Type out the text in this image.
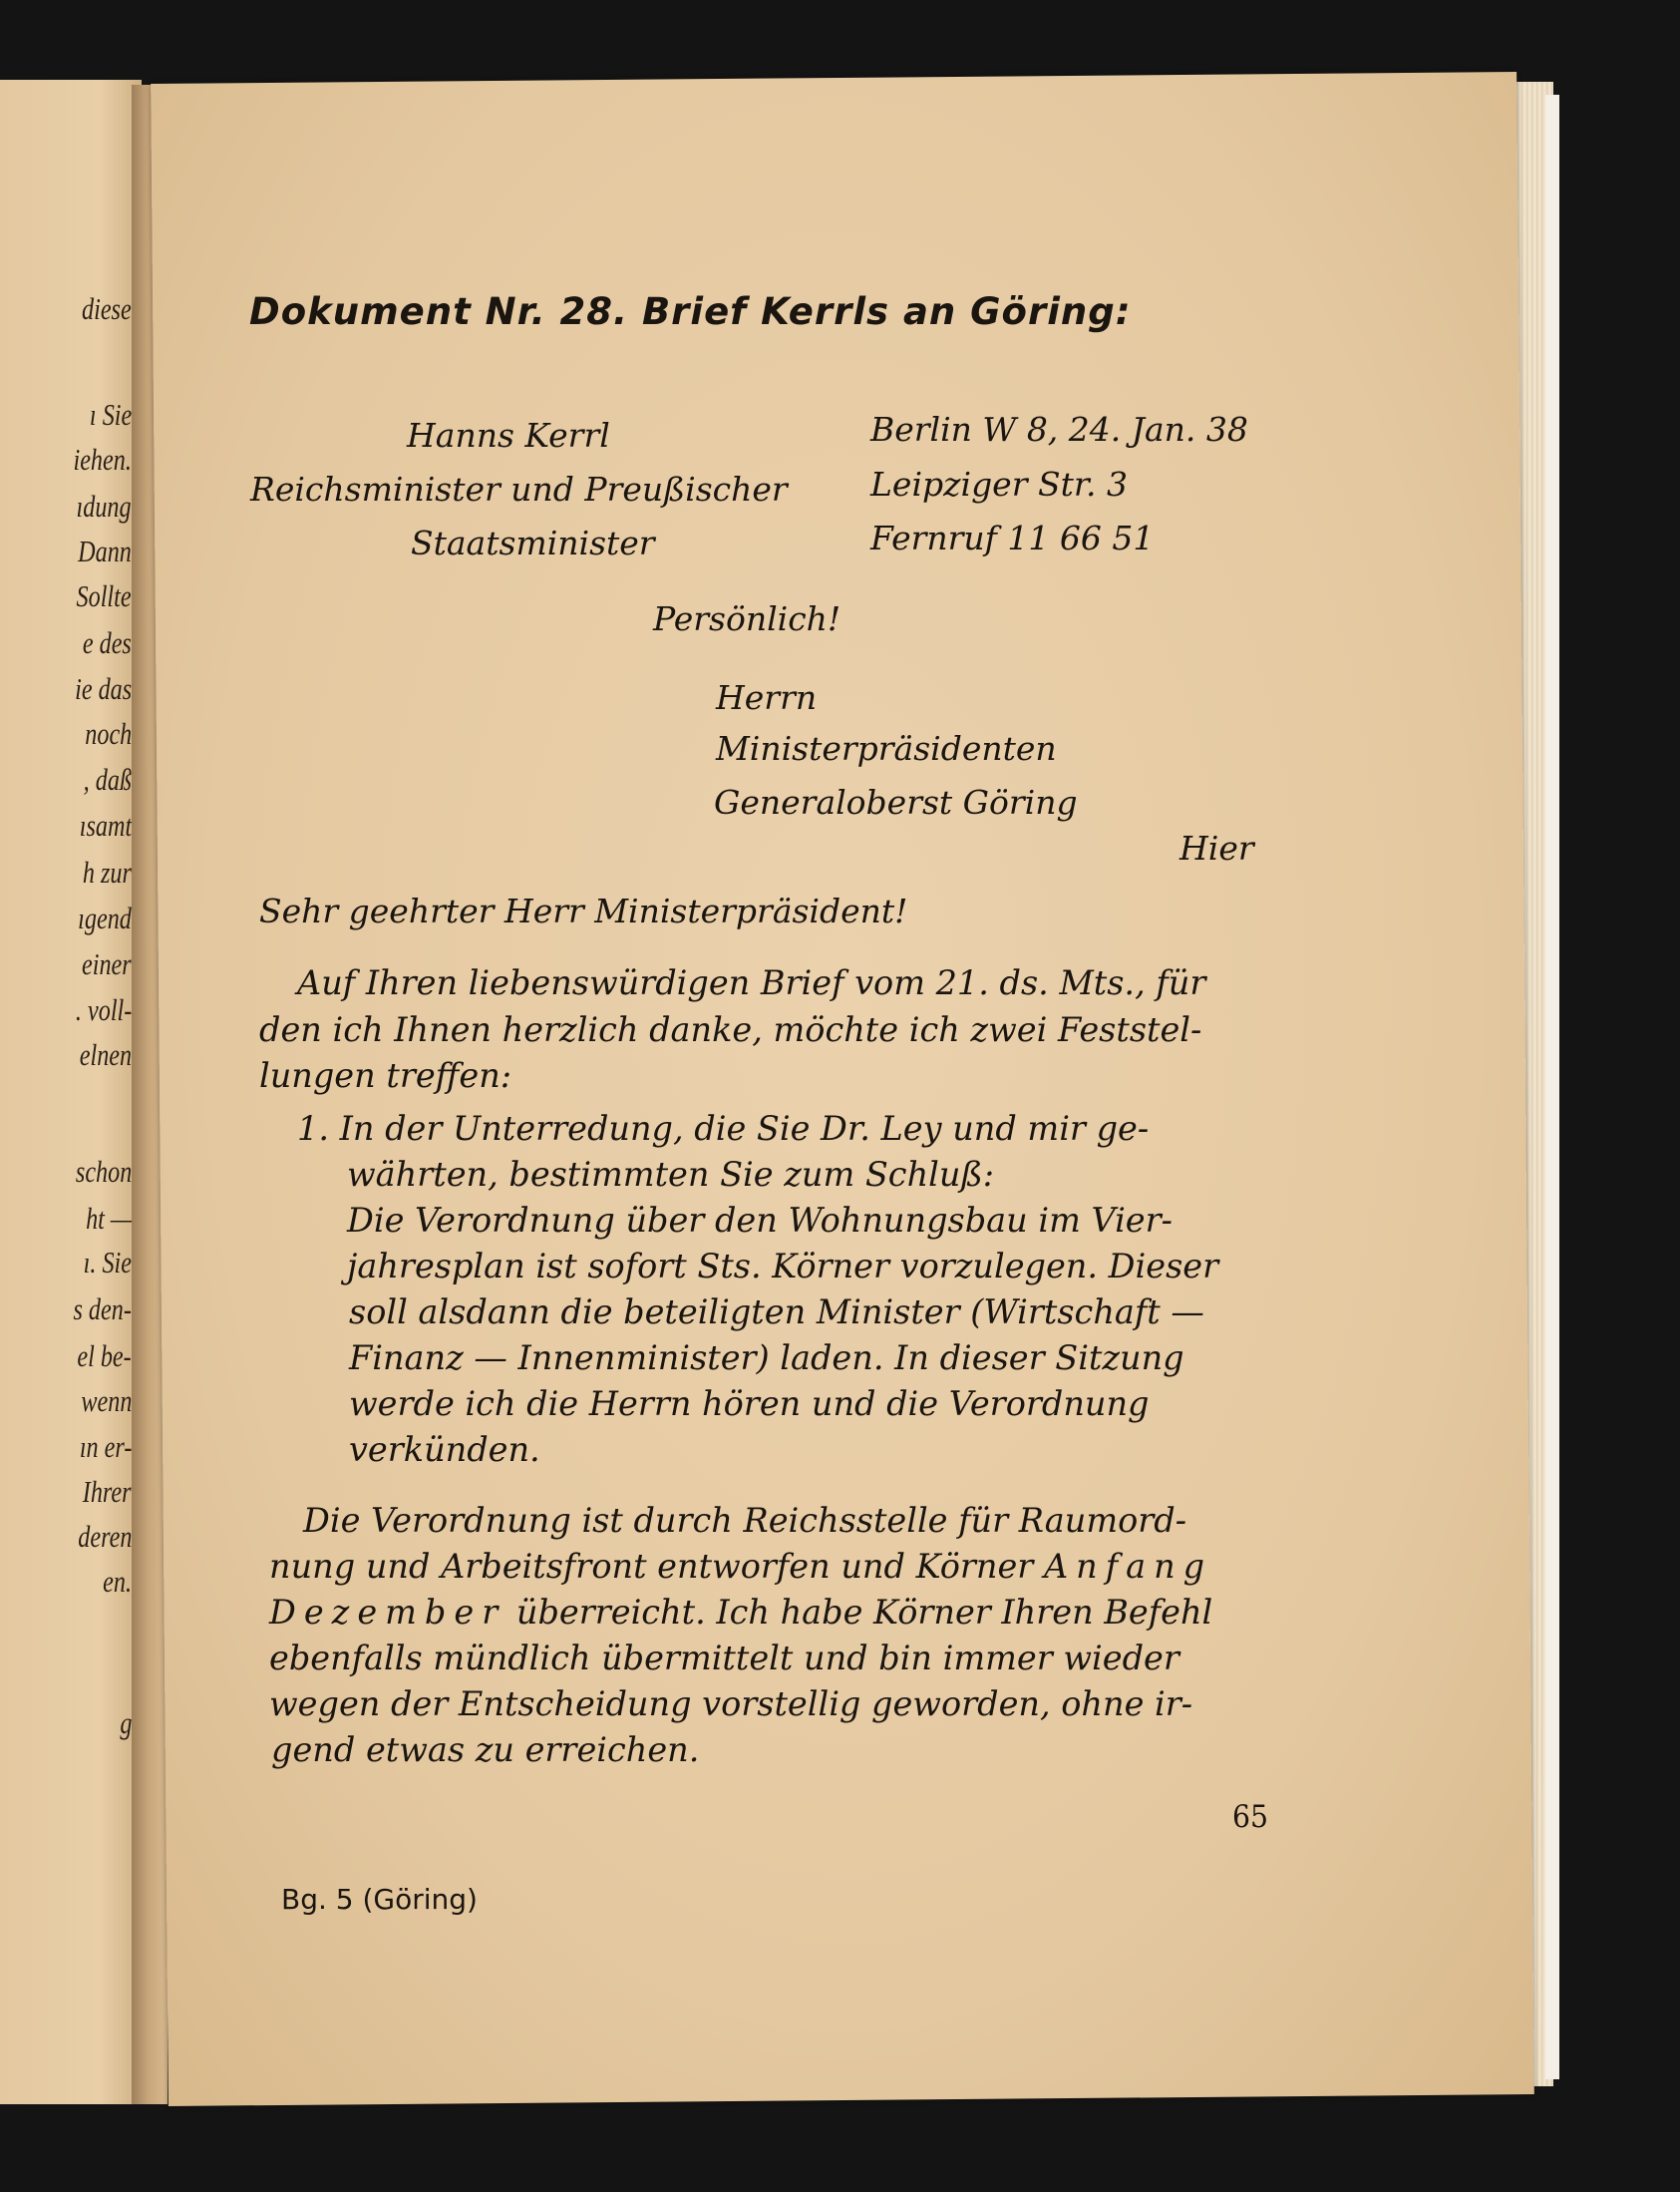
diese
ı Sie
iehen.
ıdung
Dann
Sollte
e des
ie das
noch
, daß
ısamt
h zur
ıgend
einer
. voll-
elnen
schon
ht —
ı. Sie
s den-
el be-
wenn
ın er-
Ihrer
deren
en.
g
Dokument Nr. 28. Brief Kerrls an Göring:
Hanns Kerrl
Reichsminister und Preußischer
Staatsminister
Berlin W 8, 24. Jan. 38
Leipziger Str. 3
Fernruf 11 66 51
Persönlich!
Herrn
Ministerpräsidenten
Generaloberst Göring
Hier
Sehr geehrter Herr Ministerpräsident!
Auf Ihren liebenswürdigen Brief vom 21. ds. Mts., für
den ich Ihnen herzlich danke, möchte ich zwei Feststel-
lungen treffen:
1. In der Unterredung, die Sie Dr. Ley und mir ge-
währten, bestimmten Sie zum Schluß:
Die Verordnung über den Wohnungsbau im Vier-
jahresplan ist sofort Sts. Körner vorzulegen. Dieser
soll alsdann die beteiligten Minister (Wirtschaft —
Finanz — Innenminister) laden. In dieser Sitzung
werde ich die Herrn hören und die Verordnung
verkünden.
Die Verordnung ist durch Reichsstelle für Raumord-
nung und Arbeitsfront entworfen und Körner Anfang
Dezember überreicht. Ich habe Körner Ihren Befehl
ebenfalls mündlich übermittelt und bin immer wieder
wegen der Entscheidung vorstellig geworden, ohne ir-
gend etwas zu erreichen.
65
Bg. 5 (Göring)
